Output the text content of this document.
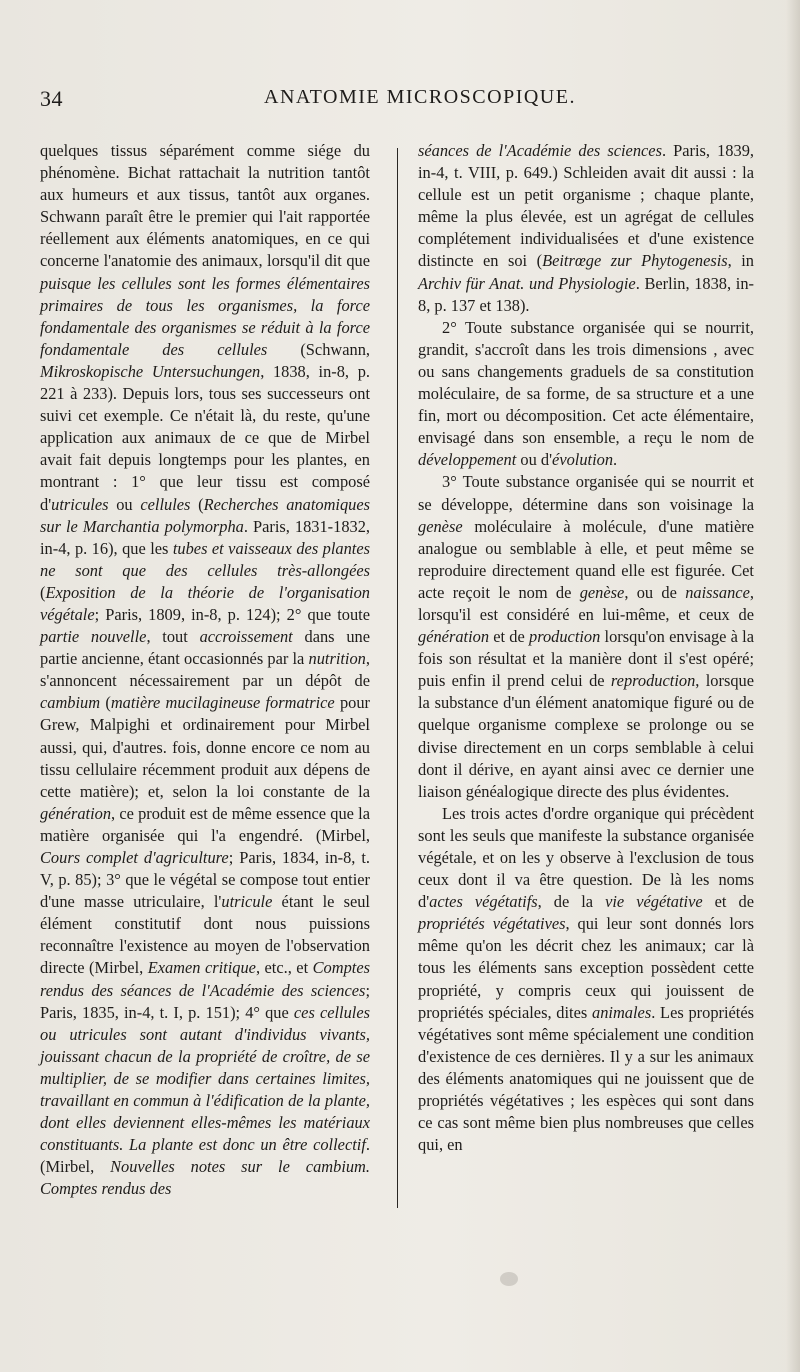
34	ANATOMIE MICROSCOPIQUE.

quelques tissus séparément comme siége du phénomène. Bichat rattachait la nutrition tantôt aux humeurs et aux tissus, tantôt aux organes. Schwann paraît être le premier qui l'ait rapportée réellement aux éléments anatomiques, en ce qui concerne l'anatomie des animaux, lorsqu'il dit que puisque les cellules sont les formes élémentaires primaires de tous les organismes, la force fondamentale des organismes se réduit à la force fondamentale des cellules (Schwann, Mikroskopische Untersuchungen, 1838, in-8, p. 221 à 233). Depuis lors, tous ses successeurs ont suivi cet exemple. Ce n'était là, du reste, qu'une application aux animaux de ce que de Mirbel avait fait depuis longtemps pour les plantes, en montrant : 1° que leur tissu est composé d'utricules ou cellules (Recherches anatomiques sur le Marchantia polymorpha. Paris, 1831-1832, in-4, p. 16), que les tubes et vaisseaux des plantes ne sont que des cellules très-allongées (Exposition de la théorie de l'organisation végétale; Paris, 1809, in-8, p. 124); 2° que toute partie nouvelle, tout accroissement dans une partie ancienne, étant occasionnés par la nutrition, s'annoncent nécessairement par un dépôt de cambium (matière mucilagineuse formatrice pour Grew, Malpighi et ordinairement pour Mirbel aussi, qui, d'autres. fois, donne encore ce nom au tissu cellulaire récemment produit aux dépens de cette matière); et, selon la loi constante de la génération, ce produit est de même essence que la matière organisée qui l'a engendré. (Mirbel, Cours complet d'agriculture; Paris, 1834, in-8, t. V, p. 85); 3° que le végétal se compose tout entier d'une masse utriculaire, l'utricule étant le seul élément constitutif dont nous puissions reconnaître l'existence au moyen de l'observation directe (Mirbel, Examen critique, etc., et Comptes rendus des séances de l'Académie des sciences; Paris, 1835, in-4, t. I, p. 151); 4° que ces cellules ou utricules sont autant d'individus vivants, jouissant chacun de la propriété de croître, de se multiplier, de se modifier dans certaines limites, travaillant en commun à l'édification de la plante, dont elles deviennent elles-mêmes les matériaux constituants. La plante est donc un être collectif. (Mirbel, Nouvelles notes sur le cambium. Comptes rendus des

séances de l'Académie des sciences. Paris, 1839, in-4, t. VIII, p. 649.) Schleiden avait dit aussi : la cellule est un petit organisme ; chaque plante, même la plus élevée, est un agrégat de cellules complétement individualisées et d'une existence distincte en soi (Beitrœge zur Phytogenesis, in Archiv für Anat. und Physiologie. Berlin, 1838, in-8, p. 137 et 138).

2° Toute substance organisée qui se nourrit, grandit, s'accroît dans les trois dimensions , avec ou sans changements graduels de sa constitution moléculaire, de sa forme, de sa structure et a une fin, mort ou décomposition. Cet acte élémentaire, envisagé dans son ensemble, a reçu le nom de développement ou d'évolution.

3° Toute substance organisée qui se nourrit et se développe, détermine dans son voisinage la genèse moléculaire à molécule, d'une matière analogue ou semblable à elle, et peut même se reproduire directement quand elle est figurée. Cet acte reçoit le nom de genèse, ou de naissance, lorsqu'il est considéré en lui-même, et ceux de génération et de production lorsqu'on envisage à la fois son résultat et la manière dont il s'est opéré; puis enfin il prend celui de reproduction, lorsque la substance d'un élément anatomique figuré ou de quelque organisme complexe se prolonge ou se divise directement en un corps semblable à celui dont il dérive, en ayant ainsi avec ce dernier une liaison généalogique directe des plus évidentes.

Les trois actes d'ordre organique qui précèdent sont les seuls que manifeste la substance organisée végétale, et on les y observe à l'exclusion de tous ceux dont il va être question. De là les noms d'actes végétatifs, de la vie végétative et de propriétés végétatives, qui leur sont donnés lors même qu'on les décrit chez les animaux; car là tous les éléments sans exception possèdent cette propriété, y compris ceux qui jouissent de propriétés spéciales, dites animales. Les propriétés végétatives sont même spécialement une condition d'existence de ces dernières. Il y a sur les animaux des éléments anatomiques qui ne jouissent que de propriétés végétatives ; les espèces qui sont dans ce cas sont même bien plus nombreuses que celles qui, en
